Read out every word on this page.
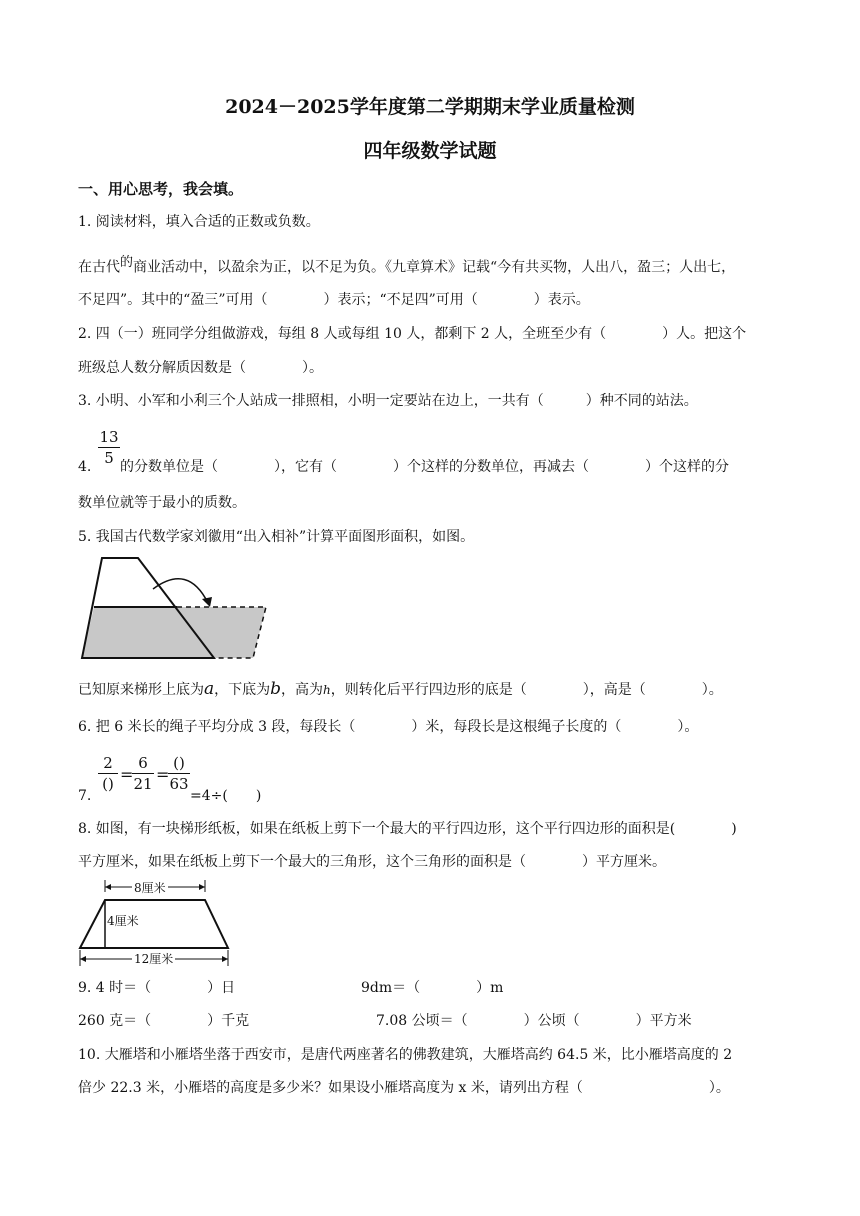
2024－2025学年度第二学期期末学业质量检测
四年级数学试题
一、用心思考，我会填。
1. 阅读材料，填入合适的正数或负数。
在古代$^的$商业活动中，以盈余为正，以不足为负。《九章算术》记载“今有共买物，人出八，盈三；人出七，
不足四”。其中的“盈三”可用（　　　　）表示；“不足四”可用（　　　　）表示。
2. 四（一）班同学分组做游戏，每组 8 人或每组 10 人，都剩下 2 人，全班至少有（　　　　）人。把这个
班级总人数分解质因数是（　　　　）。
3. 小明、小军和小利三个人站成一排照相，小明一定要站在边上，一共有（　　　）种不同的站法。
4.
13
5 的分数单位是（　　　　），它有（　　　　）个这样的分数单位，再减去（　　　　）个这样的分
数单位就等于最小的质数。
5. 我国古代数学家刘徽用“出入相补”计算平面图形面积，如图。
已知原来梯形上底为a，下底为b，高为h，则转化后平行四边形的底是（　　　　），高是（　　　　）。
6. 把 6 米长的绳子平均分成 3 段，每段长（　　　　）米，每段长是这根绳子长度的（　　　　）。
7.
2
() =
6
21 =
()
63
=4÷(　　)
8. 如图，有一块梯形纸板，如果在纸板上剪下一个最大的平行四边形，这个平行四边形的面积是(　　　　)
平方厘米，如果在纸板上剪下一个最大的三角形，这个三角形的面积是（　　　　）平方厘米。
8厘米
4厘米
12厘米
9. 4 时＝（　　　　）日	9dm＝（　　　　）m
260 克＝（　　　　）千克	7.08 公顷＝（　　　　）公顷（　　　　）平方米
10. 大雁塔和小雁塔坐落于西安市，是唐代两座著名的佛教建筑，大雁塔高约 64.5 米，比小雁塔高度的 2
倍少 22.3 米，小雁塔的高度是多少米？如果设小雁塔高度为 x 米，请列出方程（　　　　　　　　　）。
